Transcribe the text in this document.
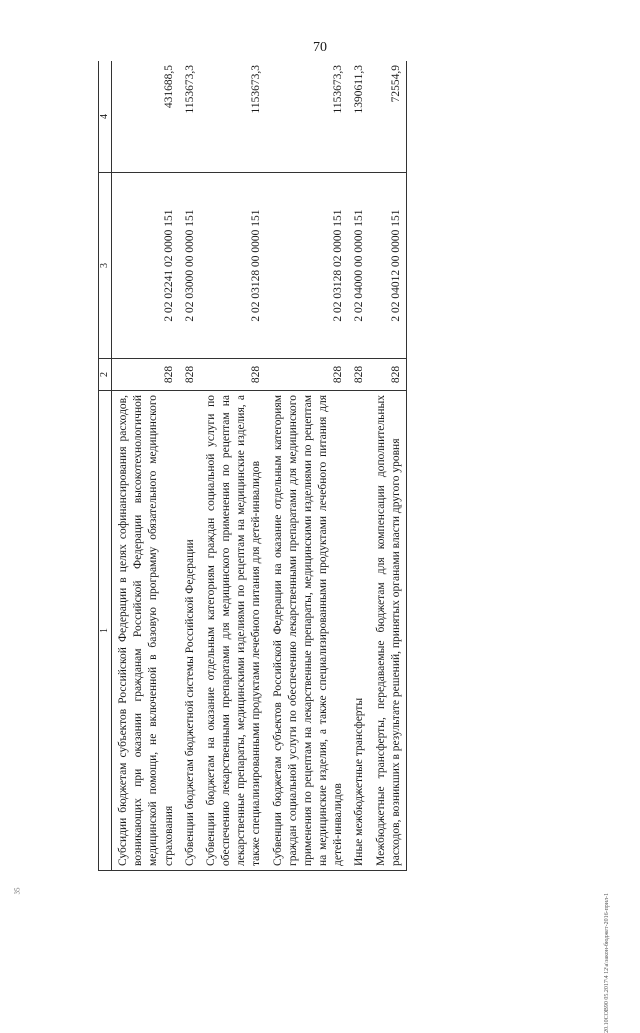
70
1	2	3	4
Субсидии бюджетам субъектов Российской Федерации в целях софинансирования расходов, возникающих при оказании гражданам Российской Федерации высокотехнологичной медицинской помощи, не включенной в базовую программу обязательного медицинского страхования	828	2 02 02241 02 0000 151	431688,5
Субвенции бюджетам бюджетной системы Российской Федерации	828	2 02 03000 00 0000 151	1153673,3
Субвенции бюджетам на оказание отдельным категориям граждан социальной услуги по обеспечению лекарственными препаратами для медицинского применения по рецептам на лекарственные препараты, медицинскими изделиями по рецептам на медицинские изделия, а также специализированными продуктами лечебного питания для детей-инвалидов	828	2 02 03128 00 0000 151	1153673,3
Субвенции бюджетам субъектов Российской Федерации на оказание отдельным категориям граждан социальной услуги по обеспечению лекарственными препаратами для медицинского применения по рецептам на лекарственные препараты, медицинскими изделиями по рецептам на медицинские изделия, а также специализированными продуктами лечебного питания для детей-инвалидов	828	2 02 03128 02 0000 151	1153673,3
Иные межбюджетные трансферты	828	2 02 04000 00 0000 151	1390611,3
Межбюджетные трансферты, передаваемые бюджетам для компенсации дополнительных расходов, возникших в результате решений, принятых органами власти другого уровня	828	2 02 04012 00 0000 151	72554,9
20.10СОВ90 05.2017\4 12\а\закон-бюджет-2016-прил-1
35
